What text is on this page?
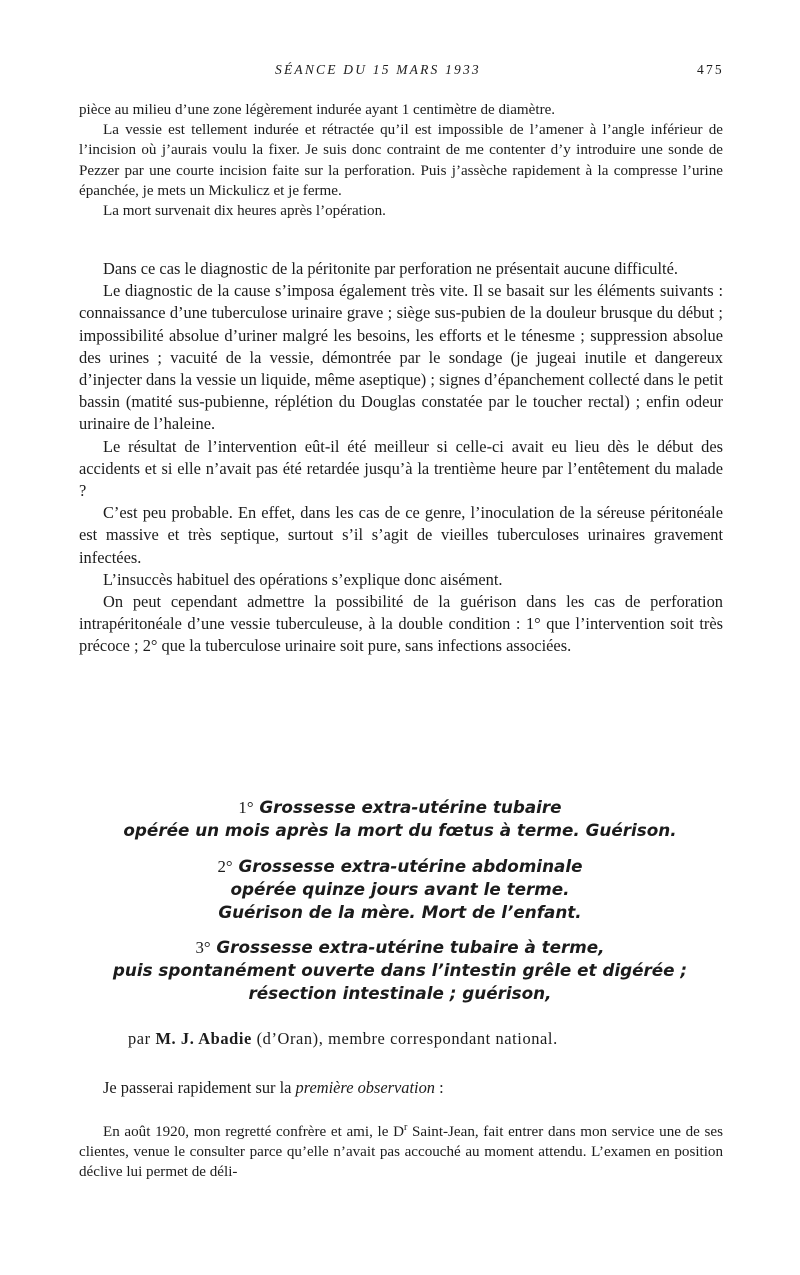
SÉANCE DU 15 MARS 1933	475

pièce au milieu d’une zone légèrement indurée ayant 1 centimètre de diamètre.

La vessie est tellement indurée et rétractée qu’il est impossible de l’amener à l’angle inférieur de l’incision où j’aurais voulu la fixer. Je suis donc contraint de me contenter d’y introduire une sonde de Pezzer par une courte incision faite sur la perforation. Puis j’assèche rapidement à la compresse l’urine épanchée, je mets un Mickulicz et je ferme.

La mort survenait dix heures après l’opération.

Dans ce cas le diagnostic de la péritonite par perforation ne présentait aucune difficulté.

Le diagnostic de la cause s’imposa également très vite. Il se basait sur les éléments suivants : connaissance d’une tuberculose urinaire grave ; siège sus-pubien de la douleur brusque du début ; impossibilité absolue d’uriner malgré les besoins, les efforts et le ténesme ; suppression absolue des urines ; vacuité de la vessie, démontrée par le sondage (je jugeai inutile et dangereux d’injecter dans la vessie un liquide, même aseptique) ; signes d’épanchement collecté dans le petit bassin (matité sus-pubienne, réplétion du Douglas constatée par le toucher rectal) ; enfin odeur urinaire de l’haleine.

Le résultat de l’intervention eût-il été meilleur si celle-ci avait eu lieu dès le début des accidents et si elle n’avait pas été retardée jusqu’à la trentième heure par l’entêtement du malade ?

C’est peu probable. En effet, dans les cas de ce genre, l’inoculation de la séreuse péritonéale est massive et très septique, surtout s’il s’agit de vieilles tuberculoses urinaires gravement infectées.

L’insuccès habituel des opérations s’explique donc aisément.

On peut cependant admettre la possibilité de la guérison dans les cas de perforation intrapéritonéale d’une vessie tuberculeuse, à la double condition : 1° que l’intervention soit très précoce ; 2° que la tuberculose urinaire soit pure, sans infections associées.

1° Grossesse extra-utérine tubaire
opérée un mois après la mort du fœtus à terme. Guérison.
2° Grossesse extra-utérine abdominale
opérée quinze jours avant le terme.
Guérison de la mère. Mort de l’enfant.
3° Grossesse extra-utérine tubaire à terme,
puis spontanément ouverte dans l’intestin grêle et digérée ;
résection intestinale ; guérison,
par M. J. Abadie (d’Oran), membre correspondant national.
Je passerai rapidement sur la première observation :

En août 1920, mon regretté confrère et ami, le $D^r$ Saint-Jean, fait entrer dans mon service une de ses clientes, venue le consulter parce qu’elle n’avait pas accouché au moment attendu. L’examen en position déclive lui permet de déli-
